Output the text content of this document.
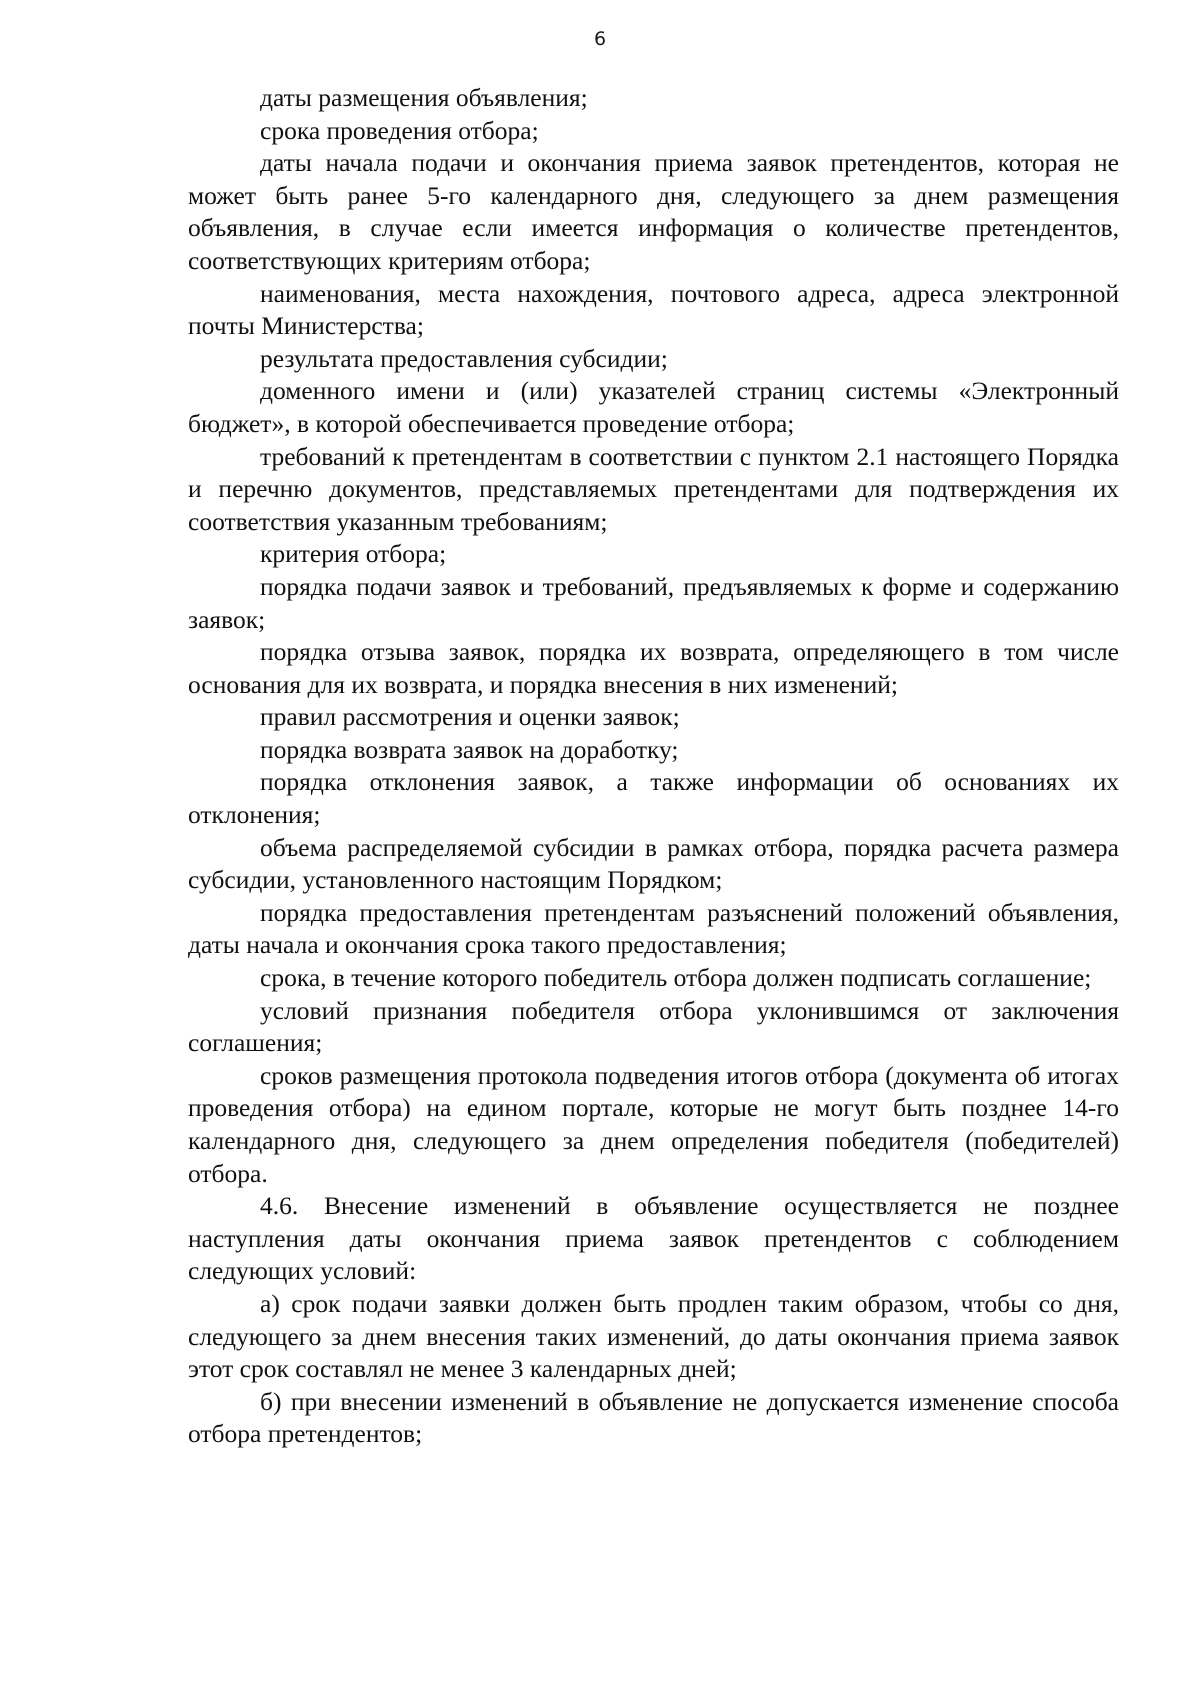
6

даты размещения объявления;

срока проведения отбора;

даты начала подачи и окончания приема заявок претендентов, которая не может быть ранее 5-го календарного дня, следующего за днем размещения объявления, в случае если имеется информация о количестве претендентов, соответствующих критериям отбора;

наименования, места нахождения, почтового адреса, адреса электронной почты Министерства;

результата предоставления субсидии;

доменного имени и (или) указателей страниц системы «Электронный бюджет», в которой обеспечивается проведение отбора;

требований к претендентам в соответствии с пунктом 2.1 настоящего Порядка и перечню документов, представляемых претендентами для подтверждения их соответствия указанным требованиям;

критерия отбора;

порядка подачи заявок и требований, предъявляемых к форме и содержанию заявок;

порядка отзыва заявок, порядка их возврата, определяющего в том числе основания для их возврата, и порядка внесения в них изменений;

правил рассмотрения и оценки заявок;

порядка возврата заявок на доработку;

порядка отклонения заявок, а также информации об основаниях их отклонения;

объема распределяемой субсидии в рамках отбора, порядка расчета размера субсидии, установленного настоящим Порядком;

порядка предоставления претендентам разъяснений положений объявления, даты начала и окончания срока такого предоставления;

срока, в течение которого победитель отбора должен подписать соглашение;

условий признания победителя отбора уклонившимся от заключения соглашения;

сроков размещения протокола подведения итогов отбора (документа об итогах проведения отбора) на едином портале, которые не могут быть позднее 14-го календарного дня, следующего за днем определения победителя (победителей) отбора.

4.6. Внесение изменений в объявление осуществляется не позднее наступления даты окончания приема заявок претендентов с соблюдением следующих условий:

а) срок подачи заявки должен быть продлен таким образом, чтобы со дня, следующего за днем внесения таких изменений, до даты окончания приема заявок этот срок составлял не менее 3 календарных дней;

б) при внесении изменений в объявление не допускается изменение способа отбора претендентов;
